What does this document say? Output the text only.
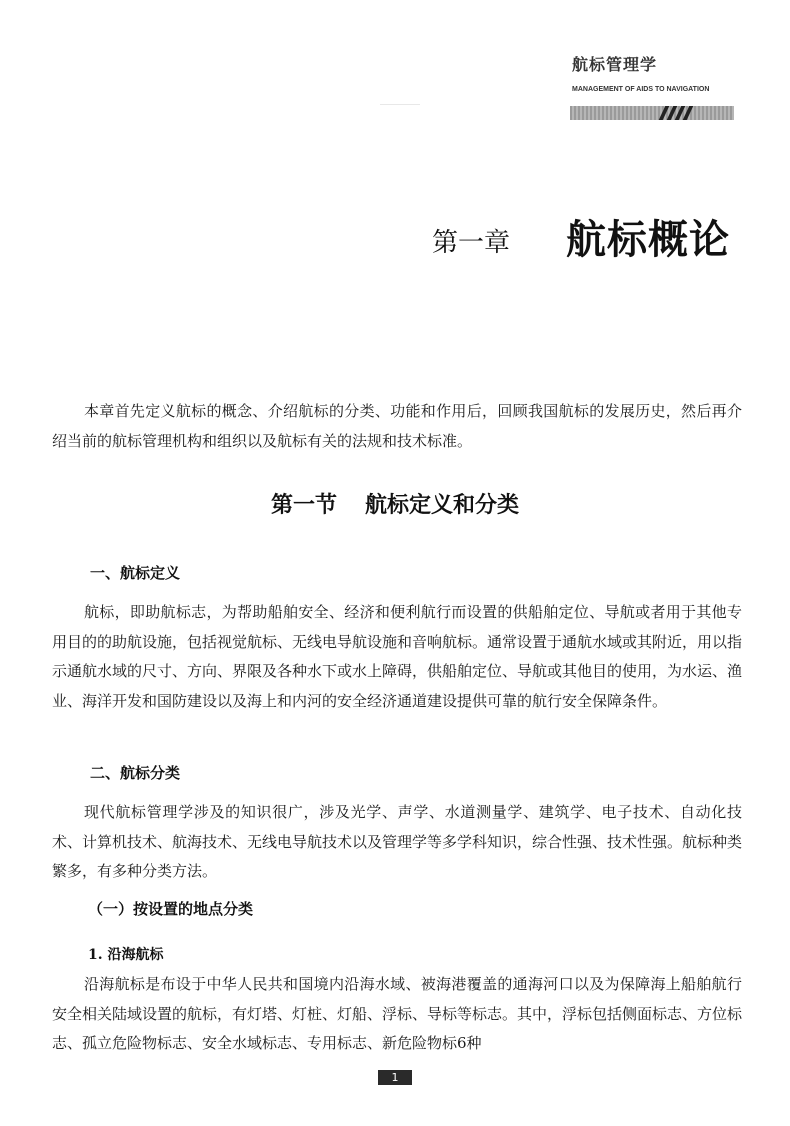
航标管理学

MANAGEMENT OF AIDS TO NAVIGATION

第一章 航标概论

本章首先定义航标的概念、介绍航标的分类、功能和作用后，回顾我国航标的发展历史，然后再介绍当前的航标管理机构和组织以及航标有关的法规和技术标准。

第一节 航标定义和分类
一、航标定义

航标，即助航标志，为帮助船舶安全、经济和便利航行而设置的供船舶定位、导航或者用于其他专用目的的助航设施，包括视觉航标、无线电导航设施和音响航标。通常设置于通航水域或其附近，用以指示通航水域的尺寸、方向、界限及各种水下或水上障碍，供船舶定位、导航或其他目的使用，为水运、渔业、海洋开发和国防建设以及海上和内河的安全经济通道建设提供可靠的航行安全保障条件。

二、航标分类

现代航标管理学涉及的知识很广，涉及光学、声学、水道测量学、建筑学、电子技术、自动化技术、计算机技术、航海技术、无线电导航技术以及管理学等多学科知识，综合性强、技术性强。航标种类繁多，有多种分类方法。

（一）按设置的地点分类
1. 沿海航标

沿海航标是布设于中华人民共和国境内沿海水域、被海港覆盖的通海河口以及为保障海上船舶航行安全相关陆域设置的航标，有灯塔、灯桩、灯船、浮标、导标等标志。其中，浮标包括侧面标志、方位标志、孤立危险物标志、安全水域标志、专用标志、新危险物标6种

1
